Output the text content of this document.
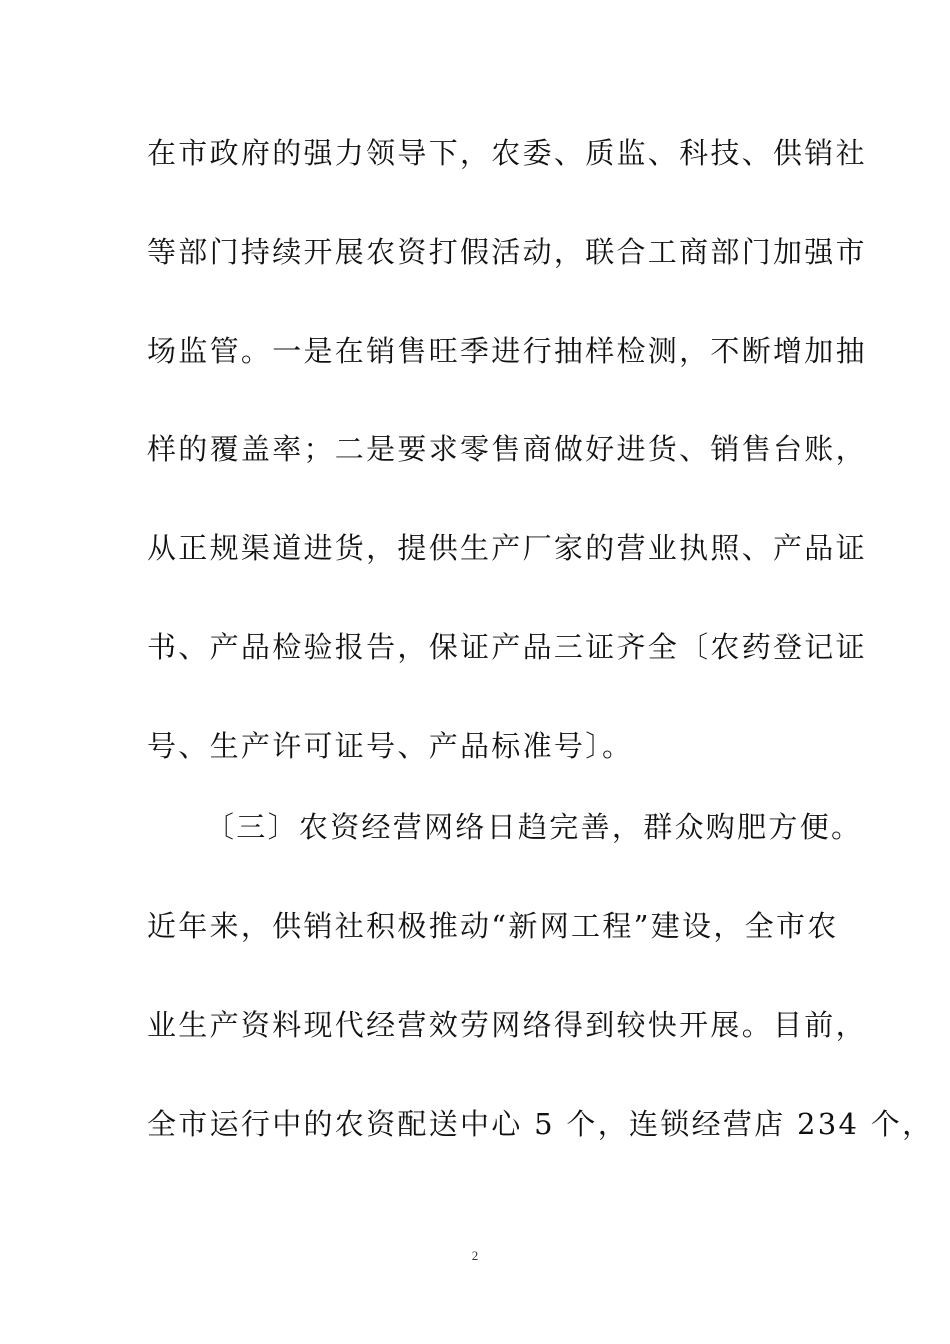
在市政府的强力领导下，农委、质监、科技、供销社
等部门持续开展农资打假活动，联合工商部门加强市
场监管。一是在销售旺季进行抽样检测，不断增加抽
样的覆盖率；二是要求零售商做好进货、销售台账，
从正规渠道进货，提供生产厂家的营业执照、产品证
书、产品检验报告，保证产品三证齐全〔农药登记证
号、生产许可证号、产品标准号〕。
〔三〕农资经营网络日趋完善，群众购肥方便。
近年来，供销社积极推动“新网工程”建设，全市农
业生产资料现代经营效劳网络得到较快开展。目前，
全市运行中的农资配送中心 5 个，连锁经营店 234 个，
2
